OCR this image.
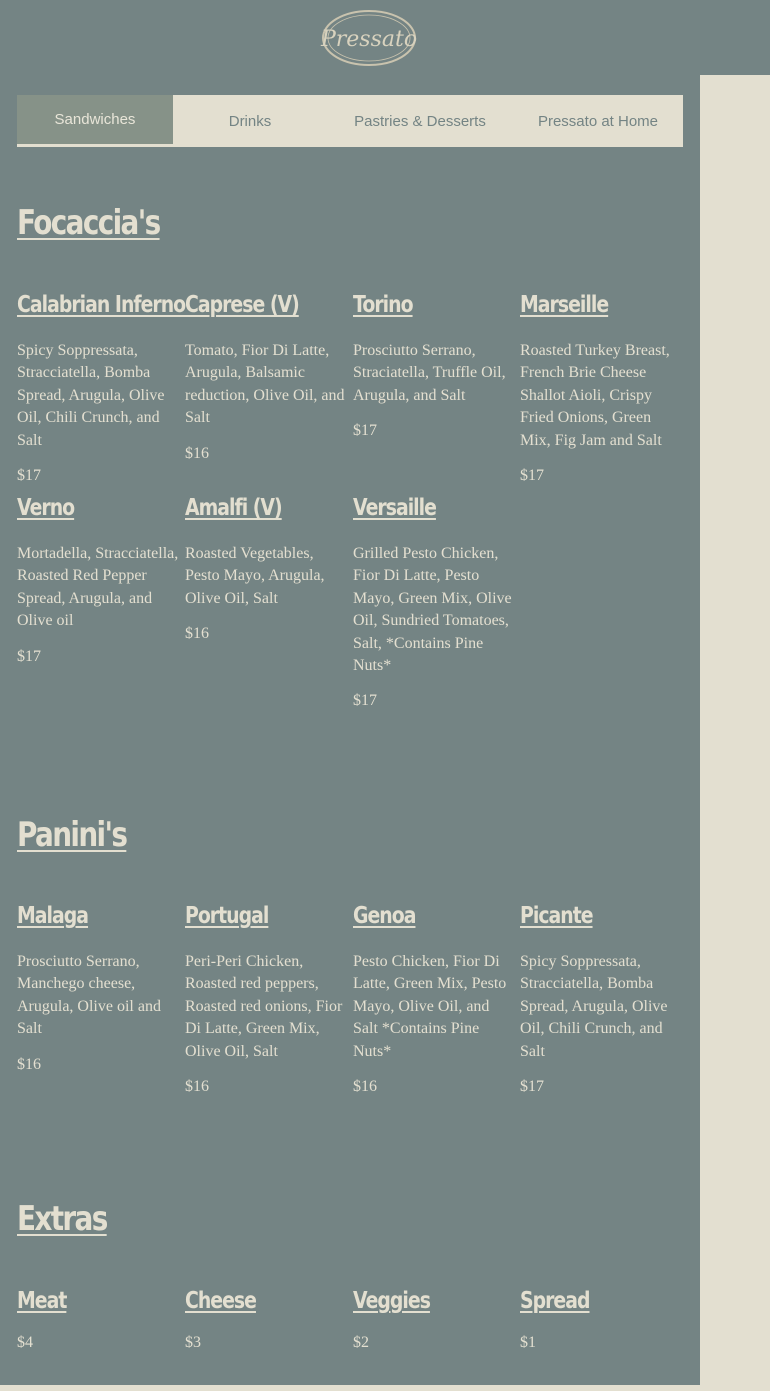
Pressato
Sandwiches	Drinks	Pastries & Desserts	Pressato at Home
Focaccia's

Calabrian Inferno

Spicy Soppressata, Stracciatella, Bomba Spread, Arugula, Olive Oil, Chili Crunch, and Salt

$17

Caprese (V)

Tomato, Fior Di Latte, Arugula, Balsamic reduction, Olive Oil, and Salt

$16

Torino

Prosciutto Serrano, Straciatella, Truffle Oil, Arugula, and Salt

$17

Marseille

Roasted Turkey Breast, French Brie Cheese Shallot Aioli, Crispy Fried Onions, Green Mix, Fig Jam and Salt

$17

Verno

Mortadella, Stracciatella, Roasted Red Pepper Spread, Arugula, and Olive oil

$17

Amalfi (V)

Roasted Vegetables, Pesto Mayo, Arugula, Olive Oil, Salt

$16

Versaille

Grilled Pesto Chicken, Fior Di Latte, Pesto Mayo, Green Mix, Olive Oil, Sundried Tomatoes, Salt, *Contains Pine Nuts*

$17

Panini's

Malaga

Prosciutto Serrano, Manchego cheese, Arugula, Olive oil and Salt

$16

Portugal

Peri-Peri Chicken, Roasted red peppers, Roasted red onions, Fior Di Latte, Green Mix, Olive Oil, Salt

$16

Genoa

Pesto Chicken, Fior Di Latte, Green Mix, Pesto Mayo, Olive Oil, and Salt *Contains Pine Nuts*

$16

Picante

Spicy Soppressata, Stracciatella, Bomba Spread, Arugula, Olive Oil, Chili Crunch, and Salt

$17

Extras

Meat

$4

Cheese

$3

Veggies

$2

Spread

$1
